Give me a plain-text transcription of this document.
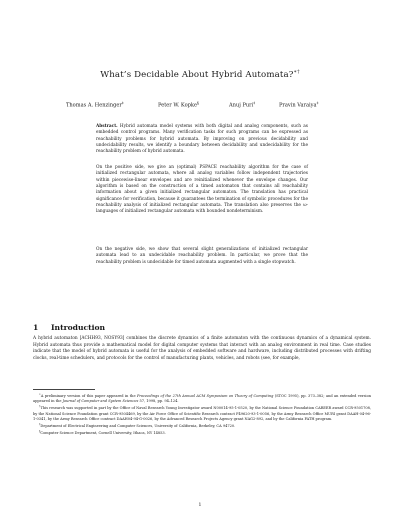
What’s Decidable About Hybrid Automata?∗†
Thomas A. Henzinger‡	Peter W. Kopke§	Anuj Puri‡	Pravin Varaiya‡
Abstract. Hybrid automata model systems with both digital and analog components, such as embedded control programs. Many verification tasks for such programs can be expressed as reachability problems for hybrid automata. By improving on previous decidability and undecidability results, we identify a boundary between decidability and undecidability for the reachability problem of hybrid automata.
On the positive side, we give an (optimal) PSPACE reachability algorithm for the case of initialized rectangular automata, where all analog variables follow independent trajectories within piecewise-linear envelopes and are reinitialized whenever the envelope changes. Our algorithm is based on the construction of a timed automaton that contains all reachability information about a given initialized rectangular automaton. The translation has practical significance for verification, because it guarantees the termination of symbolic procedures for the reachability analysis of initialized rectangular automata. The translation also preserves the ω-languages of initialized rectangular automata with bounded nondeterminism.
On the negative side, we show that several slight generalizations of initialized rectangular automata lead to an undecidable reachability problem. In particular, we prove that the reachability problem is undecidable for timed automata augmented with a single stopwatch.
1 Introduction
A hybrid automaton [ACHH93, NOSY93] combines the discrete dynamics of a finite automaton with the continuous dynamics of a dynamical system. Hybrid automata thus provide a mathematical model for digital computer systems that interact with an analog environment in real time. Case studies indicate that the model of hybrid automata is useful for the analysis of embedded software and hardware, including distributed processes with drifting clocks, real-time schedulers, and protocols for the control of manufacturing plants, vehicles, and robots (see, for example,

∗A preliminary version of this paper appeared in the Proceedings of the 27th Annual ACM Symposium on Theory of Computing (STOC 1995), pp. 373–382; and an extended version appeared in the Journal of Computer and System Sciences 57, 1998, pp. 94–124.

†This research was supported in part by the Office of Naval Research Young Investigator award N00014-95-1-0520, by the National Science Foundation CAREER award CCR-9501708, by the National Science Foundation grant CCR-9504469, by the Air Force Office of Scientific Research contract F49620-93-1-0056, by the Army Research Office MURI grant DAAH-04-96-1-0341, by the Army Research Office contract DAAH04-94-G-0026, by the Advanced Research Projects Agency grant NAG2-892, and by the California PATH program.

‡Department of Electrical Engineering and Computer Sciences, University of California, Berkeley, CA 94720.

§Computer Science Department, Cornell University, Ithaca, NY 14853.

1
